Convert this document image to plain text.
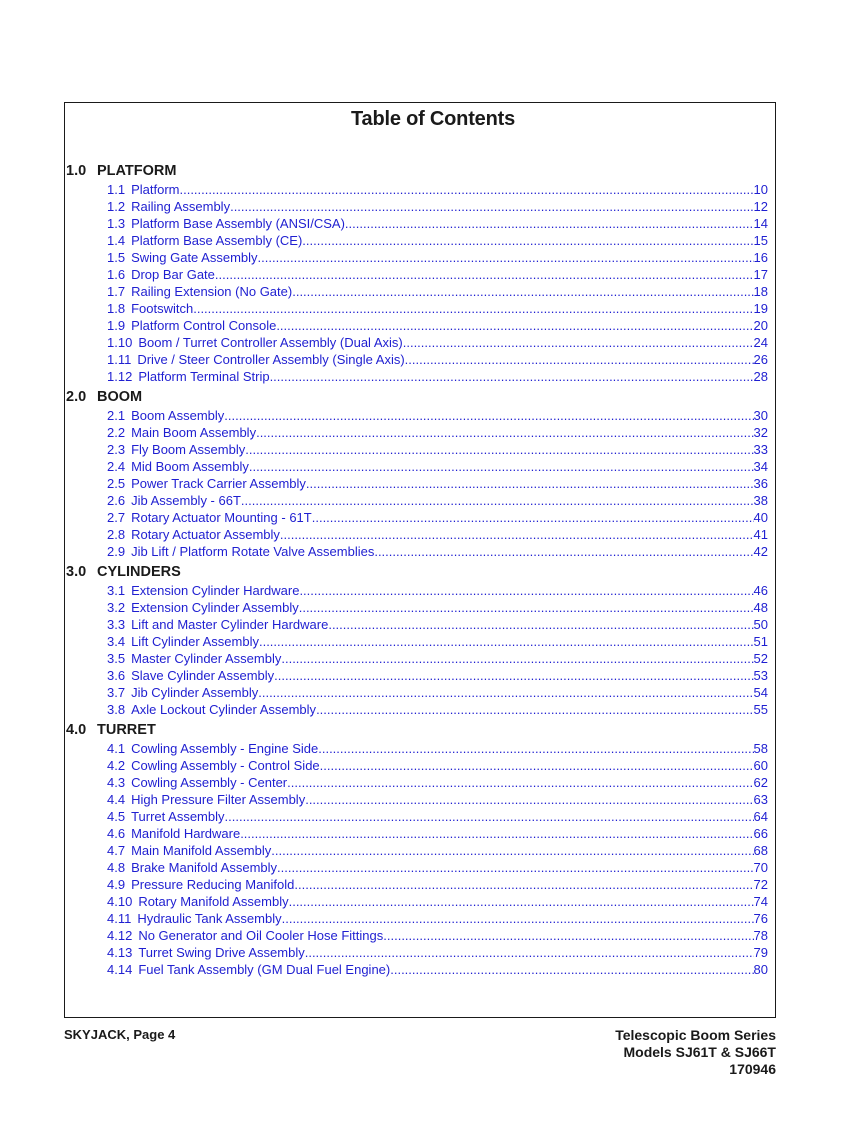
Table of Contents
1.0 PLATFORM
1.1 Platform .....	10
1.2 Railing Assembly .....	12
1.3 Platform Base Assembly (ANSI/CSA) .....	14
1.4 Platform Base Assembly (CE) .....	15
1.5 Swing Gate Assembly .....	16
1.6 Drop Bar Gate .....	17
1.7 Railing Extension (No Gate) .....	18
1.8 Footswitch .....	19
1.9 Platform Control Console .....	20
1.10 Boom / Turret Controller Assembly (Dual Axis) .....	24
1.11 Drive / Steer Controller Assembly (Single Axis) .....	26
1.12 Platform Terminal Strip .....	28
2.0 BOOM
2.1 Boom Assembly .....	30
2.2 Main Boom Assembly .....	32
2.3 Fly Boom Assembly .....	33
2.4 Mid Boom Assembly .....	34
2.5 Power Track Carrier Assembly .....	36
2.6 Jib Assembly - 66T .....	38
2.7 Rotary Actuator Mounting - 61T .....	40
2.8 Rotary Actuator Assembly .....	41
2.9 Jib Lift / Platform Rotate Valve Assemblies .....	42
3.0 CYLINDERS
3.1 Extension Cylinder Hardware .....	46
3.2 Extension Cylinder Assembly .....	48
3.3 Lift and Master Cylinder Hardware .....	50
3.4 Lift Cylinder Assembly .....	51
3.5 Master Cylinder Assembly .....	52
3.6 Slave Cylinder Assembly .....	53
3.7 Jib Cylinder Assembly .....	54
3.8 Axle Lockout Cylinder Assembly .....	55
4.0 TURRET
4.1 Cowling Assembly - Engine Side .....	58
4.2 Cowling Assembly - Control Side .....	60
4.3 Cowling Assembly - Center .....	62
4.4 High Pressure Filter Assembly .....	63
4.5 Turret Assembly .....	64
4.6 Manifold Hardware .....	66
4.7 Main Manifold Assembly .....	68
4.8 Brake Manifold Assembly .....	70
4.9 Pressure Reducing Manifold .....	72
4.10 Rotary Manifold Assembly .....	74
4.11 Hydraulic Tank Assembly .....	76
4.12 No Generator and Oil Cooler Hose Fittings .....	78
4.13 Turret Swing Drive Assembly .....	79
4.14 Fuel Tank Assembly (GM Dual Fuel Engine) .....	80
SKYJACK, Page 4	Telescopic Boom Series
Models SJ61T & SJ66T
170946
